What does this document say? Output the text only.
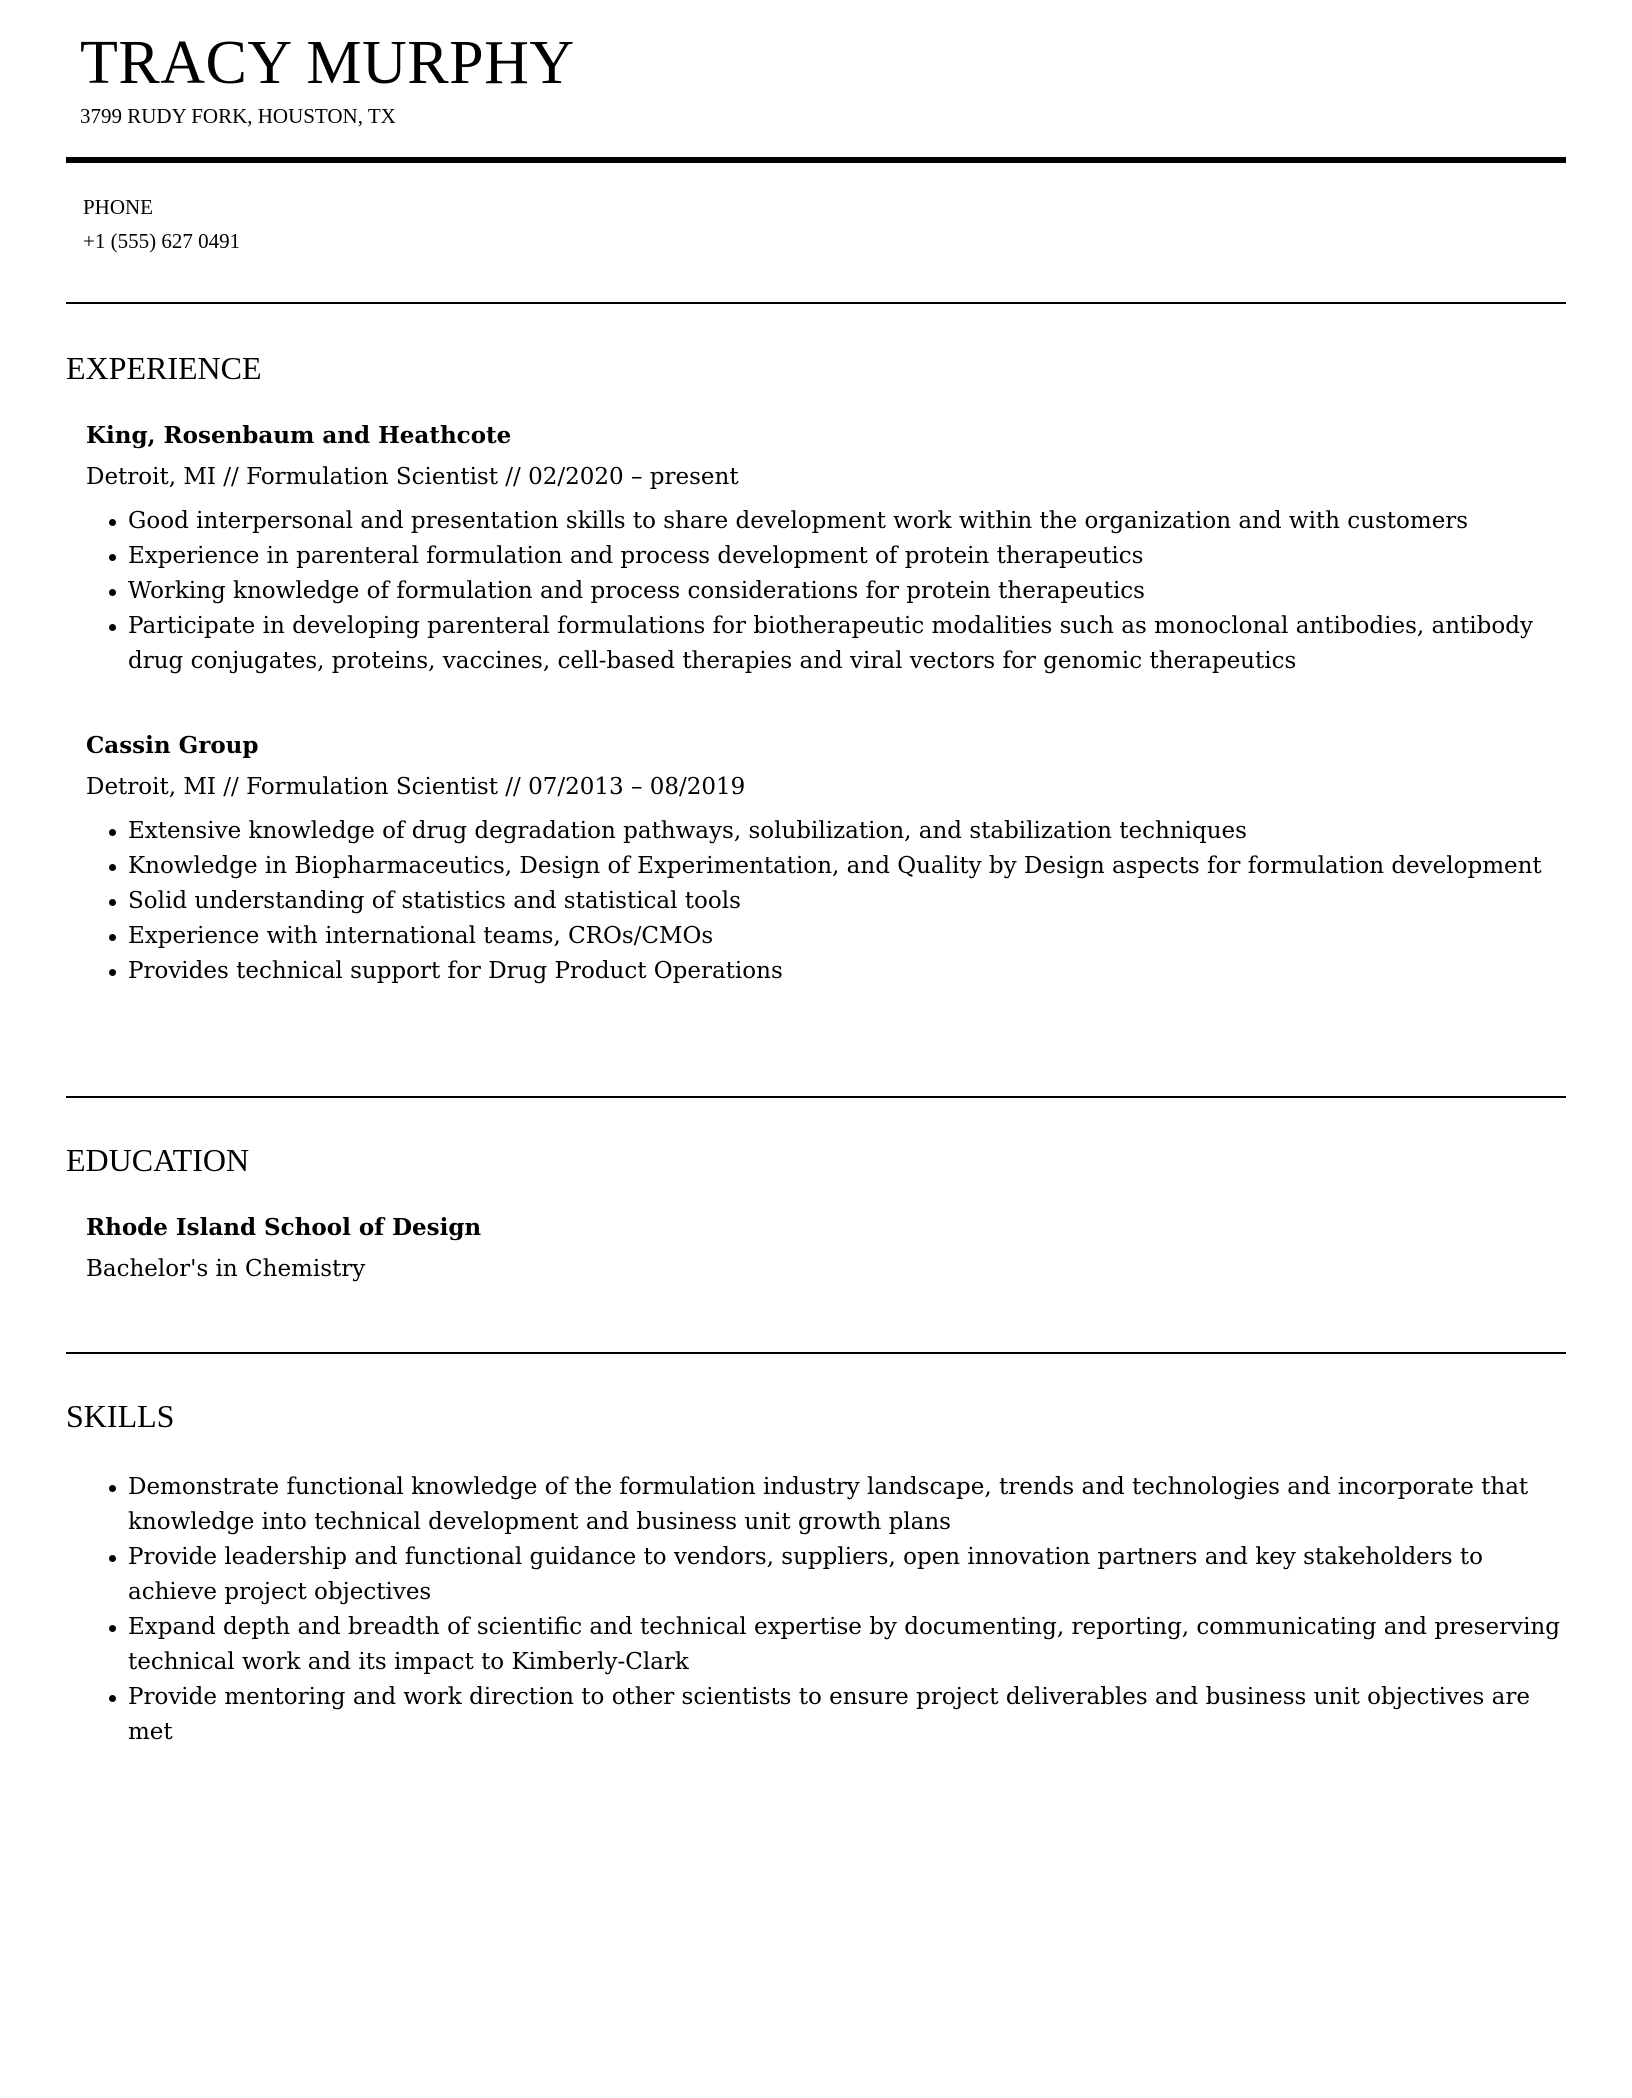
TRACY MURPHY
3799 RUDY FORK, HOUSTON, TX
PHONE
+1 (555) 627 0491
EXPERIENCE
King, Rosenbaum and Heathcote
Detroit, MI // Formulation Scientist // 02/2020 – present
Good interpersonal and presentation skills to share development work within the organization and with customers
Experience in parenteral formulation and process development of protein therapeutics
Working knowledge of formulation and process considerations for protein therapeutics
Participate in developing parenteral formulations for biotherapeutic modalities such as monoclonal antibodies, antibody drug conjugates, proteins, vaccines, cell-based therapies and viral vectors for genomic therapeutics
Cassin Group
Detroit, MI // Formulation Scientist // 07/2013 – 08/2019
Extensive knowledge of drug degradation pathways, solubilization, and stabilization techniques
Knowledge in Biopharmaceutics, Design of Experimentation, and Quality by Design aspects for formulation development
Solid understanding of statistics and statistical tools
Experience with international teams, CROs/CMOs
Provides technical support for Drug Product Operations
EDUCATION
Rhode Island School of Design
Bachelor's in Chemistry
SKILLS
Demonstrate functional knowledge of the formulation industry landscape, trends and technologies and incorporate that knowledge into technical development and business unit growth plans
Provide leadership and functional guidance to vendors, suppliers, open innovation partners and key stakeholders to achieve project objectives
Expand depth and breadth of scientific and technical expertise by documenting, reporting, communicating and preserving technical work and its impact to Kimberly-Clark
Provide mentoring and work direction to other scientists to ensure project deliverables and business unit objectives are met
